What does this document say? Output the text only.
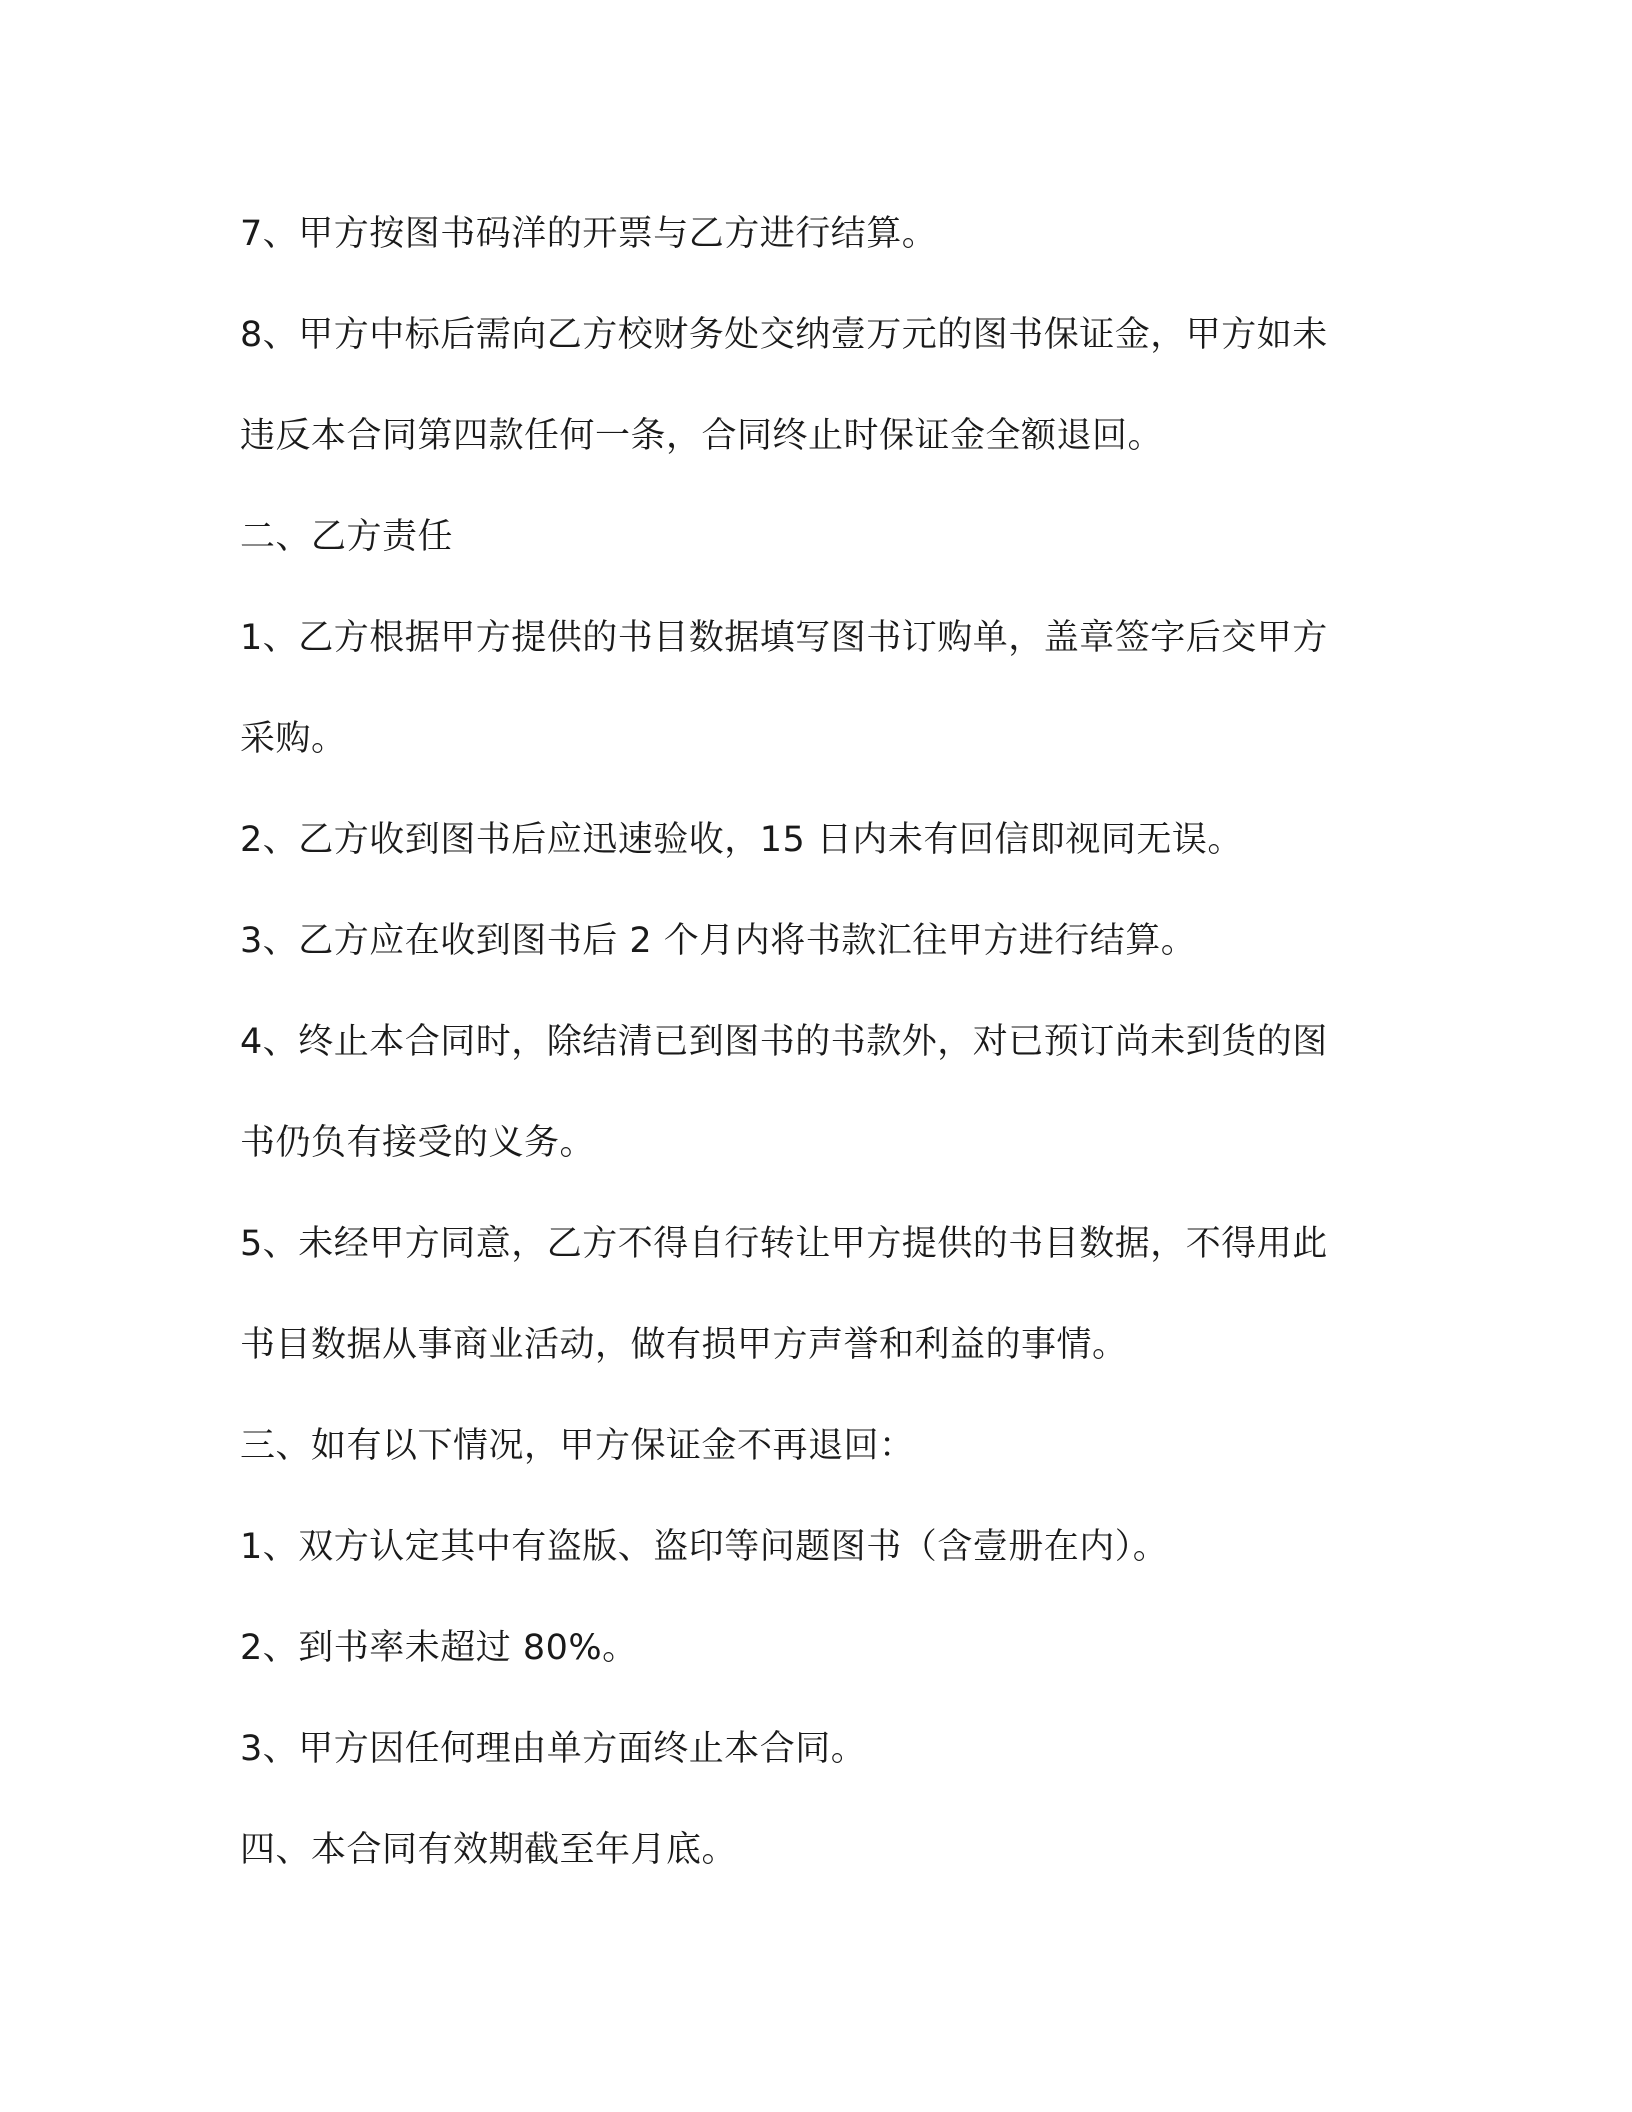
7、甲方按图书码洋的开票与乙方进行结算。
8、甲方中标后需向乙方校财务处交纳壹万元的图书保证金，甲方如未
违反本合同第四款任何一条，合同终止时保证金全额退回。
二、乙方责任
1、乙方根据甲方提供的书目数据填写图书订购单，盖章签字后交甲方
采购。
2、乙方收到图书后应迅速验收，15 日内未有回信即视同无误。
3、乙方应在收到图书后 2 个月内将书款汇往甲方进行结算。
4、终止本合同时，除结清已到图书的书款外，对已预订尚未到货的图
书仍负有接受的义务。
5、未经甲方同意，乙方不得自行转让甲方提供的书目数据，不得用此
书目数据从事商业活动，做有损甲方声誉和利益的事情。
三、如有以下情况，甲方保证金不再退回：
1、双方认定其中有盗版、盗印等问题图书（含壹册在内）。
2、到书率未超过 80%。
3、甲方因任何理由单方面终止本合同。
四、本合同有效期截至年月底。
